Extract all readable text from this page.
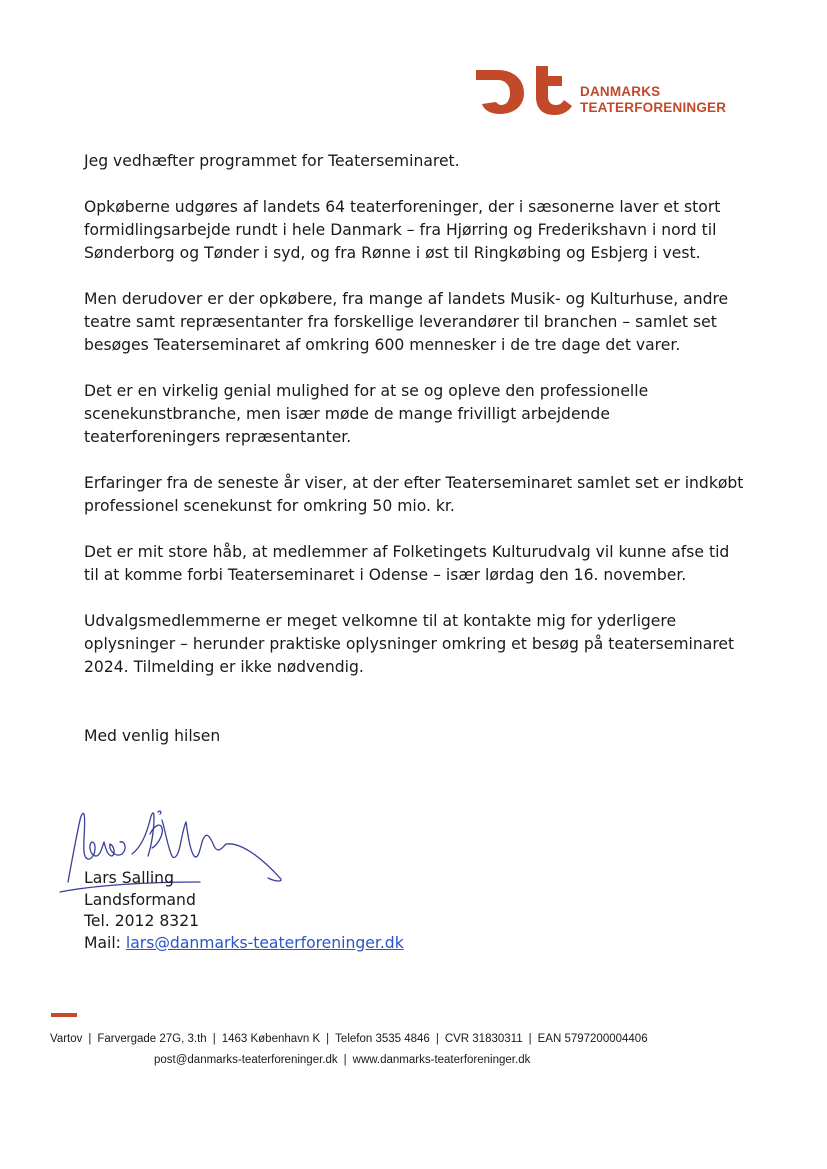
DANMARKS
TEATERFORENINGER

Jeg vedhæfter programmet for Teaterseminaret.

Opkøberne udgøres af landets 64 teaterforeninger, der i sæsonerne laver et stort formidlingsarbejde rundt i hele Danmark – fra Hjørring og Frederikshavn i nord til Sønderborg og Tønder i syd, og fra Rønne i øst til Ringkøbing og Esbjerg i vest.

Men derudover er der opkøbere, fra mange af landets Musik- og Kulturhuse, andre teatre samt repræsentanter fra forskellige leverandører til branchen – samlet set besøges Teaterseminaret af omkring 600 mennesker i de tre dage det varer.

Det er en virkelig genial mulighed for at se og opleve den professionelle scenekunstbranche, men især møde de mange frivilligt arbejdende teaterforeningers repræsentanter.

Erfaringer fra de seneste år viser, at der efter Teaterseminaret samlet set er indkøbt professionel scenekunst for omkring 50 mio. kr.

Det er mit store håb, at medlemmer af Folketingets Kulturudvalg vil kunne afse tid til at komme forbi Teaterseminaret i Odense – især lørdag den 16. november.

Udvalgsmedlemmerne er meget velkomne til at kontakte mig for yderligere oplysninger – herunder praktiske oplysninger omkring et besøg på teaterseminaret 2024. Tilmelding er ikke nødvendig.

Med venlig hilsen

Lars Salling
Landsformand
Tel. 2012 8321
Mail: lars@danmarks-teaterforeninger.dk
Vartov | Farvergade 27G, 3.th | 1463 København K | Telefon 3535 4846 | CVR 31830311 | EAN 5797200004406
post@danmarks-teaterforeninger.dk | www.danmarks-teaterforeninger.dk
